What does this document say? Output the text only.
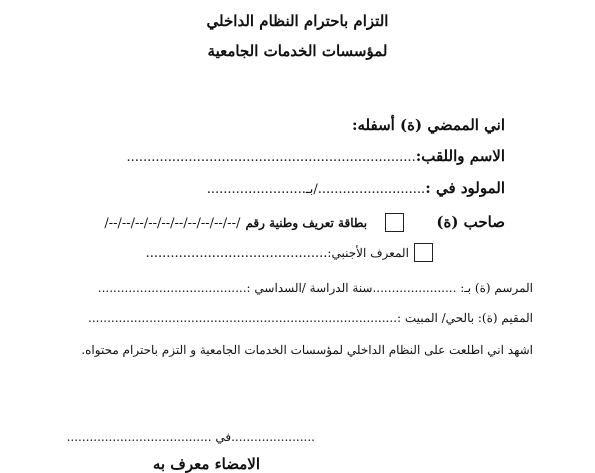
التزام باحترام النظام الداخلي
لمؤسسات الخدمات الجامعية
اني الممضي (ة) أسفله:
الاسم واللقب:......................................................................
المولود في :........................../بـ........................
صاحب (ة)    بطاقة تعريف وطنية رقم /--/--/--/--/--/--/--/--/--/--/
المعرف الأجنبي:............................................
المرسم (ة) بـ: ......................سنة الدراسة /السداسي :.......................................
المقيم (ة): بالحي/ المبيت :.................................................................................
اشهد اني اطلعت على النظام الداخلي لمؤسسات الخدمات الجامعية و التزم باحترام محتواه.
......................في ......................................
الامضاء معرف به
